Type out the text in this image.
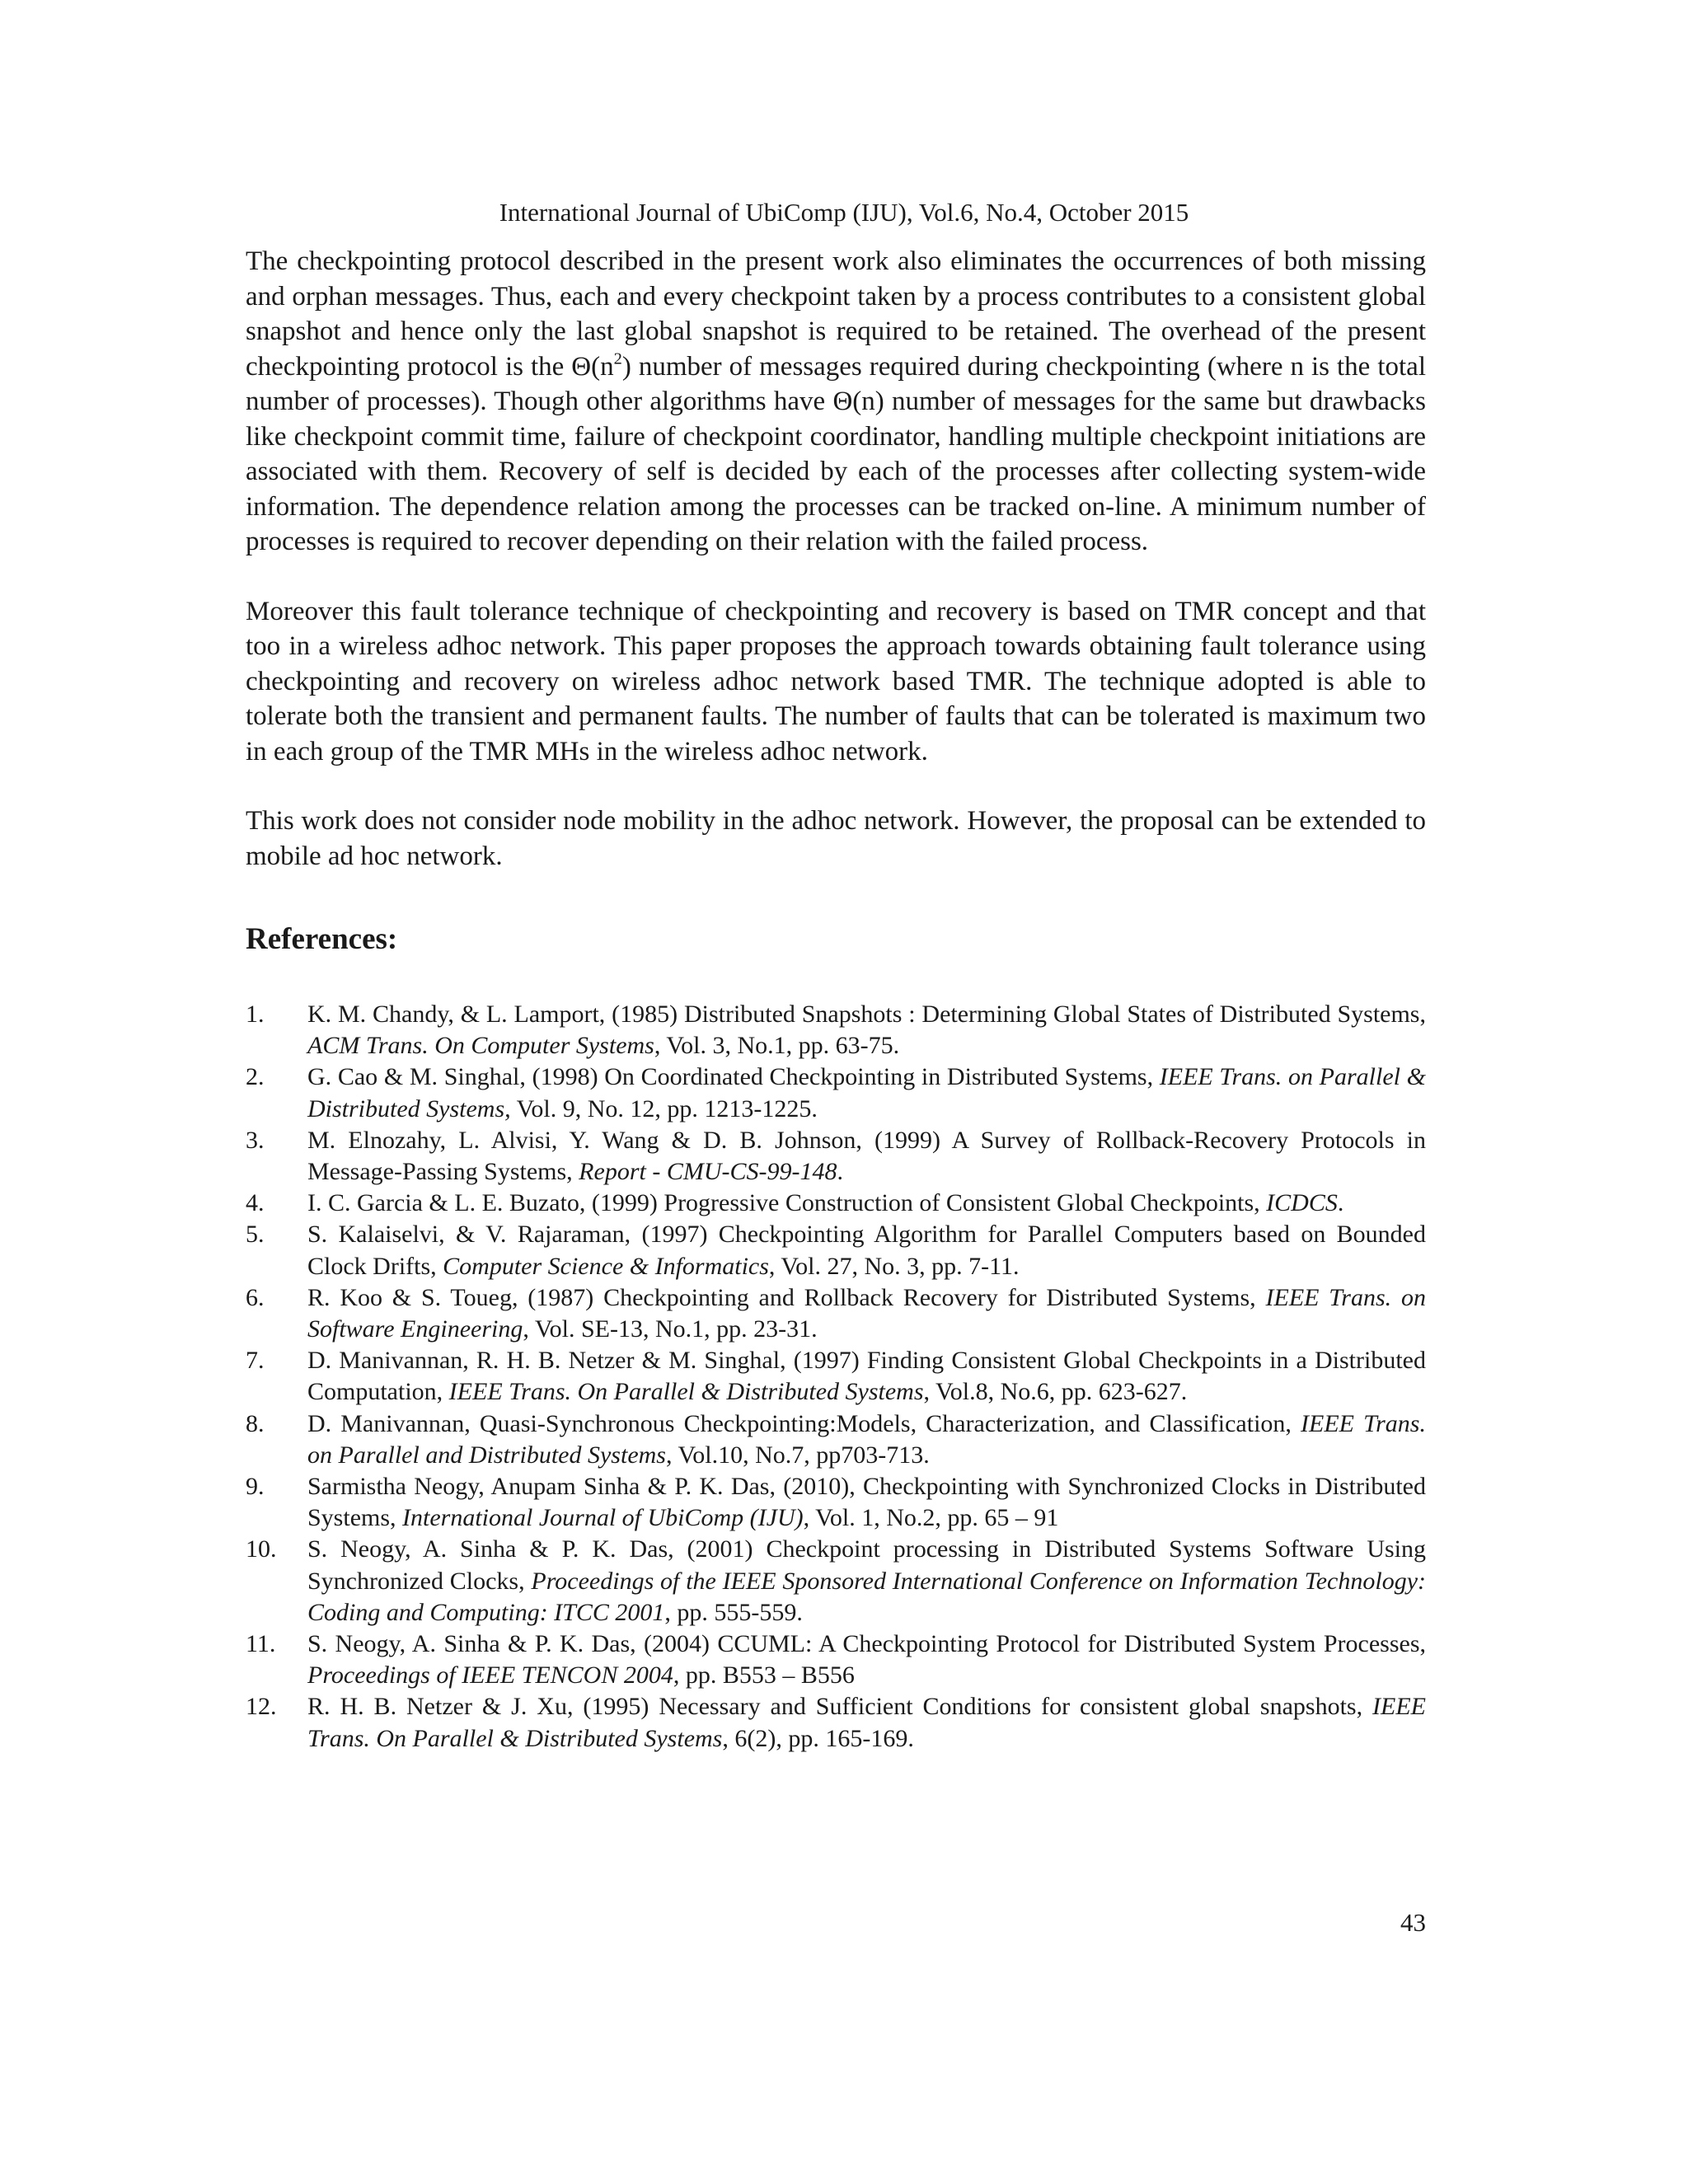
International Journal of UbiComp (IJU), Vol.6, No.4, October 2015

The checkpointing protocol described in the present work also eliminates the occurrences of both missing and orphan messages. Thus, each and every checkpoint taken by a process contributes to a consistent global snapshot and hence only the last global snapshot is required to be retained. The overhead of the present checkpointing protocol is the $\Theta(n^2)$ number of messages required during checkpointing (where n is the total number of processes). Though other algorithms have Θ(n) number of messages for the same but drawbacks like checkpoint commit time, failure of checkpoint coordinator, handling multiple checkpoint initiations are associated with them. Recovery of self is decided by each of the processes after collecting system-wide information. The dependence relation among the processes can be tracked on-line. A minimum number of processes is required to recover depending on their relation with the failed process.

Moreover this fault tolerance technique of checkpointing and recovery is based on TMR concept and that too in a wireless adhoc network. This paper proposes the approach towards obtaining fault tolerance using checkpointing and recovery on wireless adhoc network based TMR. The technique adopted is able to tolerate both the transient and permanent faults. The number of faults that can be tolerated is maximum two in each group of the TMR MHs in the wireless adhoc network.

This work does not consider node mobility in the adhoc network. However, the proposal can be extended to mobile ad hoc network.

References:
1. K. M. Chandy, & L. Lamport, (1985) Distributed Snapshots : Determining Global States of Distributed Systems, ACM Trans. On Computer Systems, Vol. 3, No.1, pp. 63-75.
2. G. Cao & M. Singhal, (1998) On Coordinated Checkpointing in Distributed Systems, IEEE Trans. on Parallel & Distributed Systems, Vol. 9, No. 12, pp. 1213-1225.
3. M. Elnozahy, L. Alvisi, Y. Wang & D. B. Johnson, (1999) A Survey of Rollback-Recovery Protocols in Message-Passing Systems, Report - CMU-CS-99-148.
4. I. C. Garcia & L. E. Buzato, (1999) Progressive Construction of Consistent Global Checkpoints, ICDCS.
5. S. Kalaiselvi, & V. Rajaraman, (1997) Checkpointing Algorithm for Parallel Computers based on Bounded Clock Drifts, Computer Science & Informatics, Vol. 27, No. 3, pp. 7-11.
6. R. Koo & S. Toueg, (1987) Checkpointing and Rollback Recovery for Distributed Systems, IEEE Trans. on Software Engineering, Vol. SE-13, No.1, pp. 23-31.
7. D. Manivannan, R. H. B. Netzer & M. Singhal, (1997) Finding Consistent Global Checkpoints in a Distributed Computation, IEEE Trans. On Parallel & Distributed Systems, Vol.8, No.6, pp. 623-627.
8. D. Manivannan, Quasi-Synchronous Checkpointing:Models, Characterization, and Classification, IEEE Trans. on Parallel and Distributed Systems, Vol.10, No.7, pp703-713.
9. Sarmistha Neogy, Anupam Sinha & P. K. Das, (2010), Checkpointing with Synchronized Clocks in Distributed Systems, International Journal of UbiComp (IJU), Vol. 1, No.2, pp. 65 – 91
10. S. Neogy, A. Sinha & P. K. Das, (2001) Checkpoint processing in Distributed Systems Software Using Synchronized Clocks, Proceedings of the IEEE Sponsored International Conference on Information Technology: Coding and Computing: ITCC 2001, pp. 555-559.
11. S. Neogy, A. Sinha & P. K. Das, (2004) CCUML: A Checkpointing Protocol for Distributed System Processes, Proceedings of IEEE TENCON 2004, pp. B553 – B556
12. R. H. B. Netzer & J. Xu, (1995) Necessary and Sufficient Conditions for consistent global snapshots, IEEE Trans. On Parallel & Distributed Systems, 6(2), pp. 165-169.
43
